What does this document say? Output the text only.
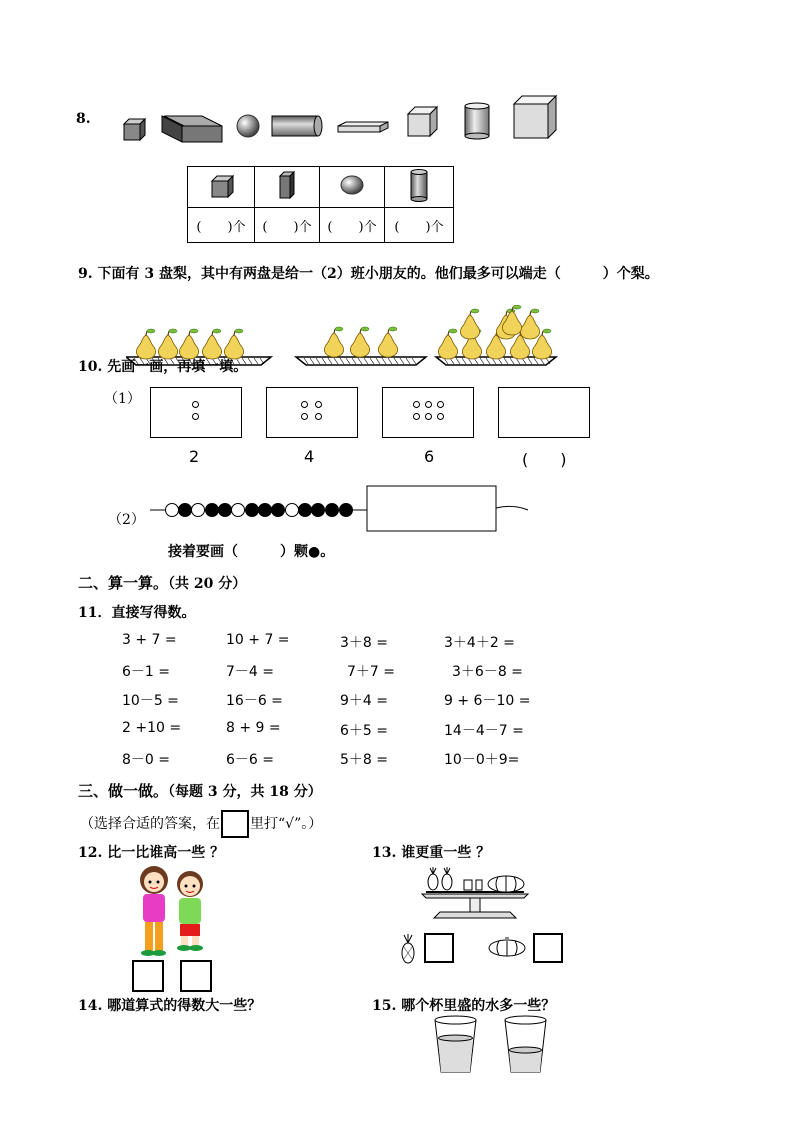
8.

(　　)个	(　　)个	(　　)个	(　　)个
9. 下面有 3 盘梨，其中有两盘是给一（2）班小朋友的。他们最多可以端走（　　　）个梨。
10. 先画一画，再填一填。
（1）
2	4	6	(　　)
（2）
接着要画（　　　）颗●。
二、算一算。（共 20 分）
11．直接写得数。
3 + 7 =	10 + 7 =	3＋8 =	3＋4＋2 =
6－1 =	7－4 =	7＋7 =	3＋6－8 =
10－5 =	16－6 =	9＋4 =	9 + 6－10 =
2 +10 =	8 + 9 =	6＋5 =	14－4－7 =
8－0 =	6－6 =	5＋8 =	10－0＋9=
三、做一做。（每题 3 分，共 18 分）
（选择合适的答案，在 里打“√”。）
12. 比一比谁高一些 ？	13. 谁更重一些 ？
14. 哪道算式的得数大一些？	15. 哪个杯里盛的水多一些？
